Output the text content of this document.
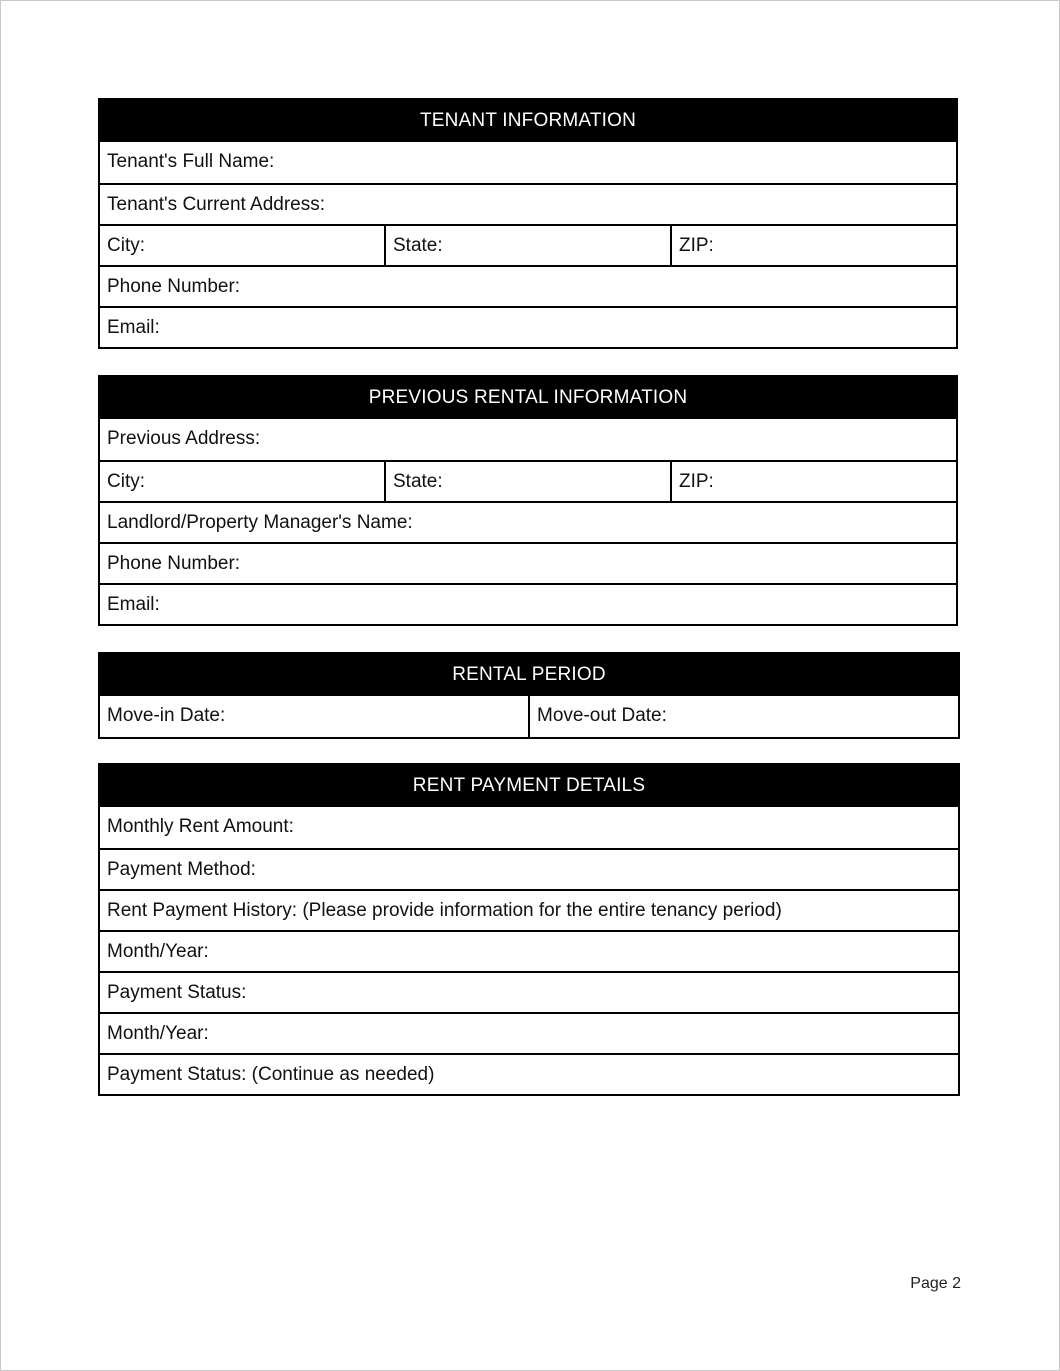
TENANT INFORMATION
Tenant's Full Name:
Tenant's Current Address:
City:	State:	ZIP:
Phone Number:
Email:
PREVIOUS RENTAL INFORMATION
Previous Address:
City:	State:	ZIP:
Landlord/Property Manager's Name:
Phone Number:
Email:
RENTAL PERIOD
Move-in Date:	Move-out Date:
RENT PAYMENT DETAILS
Monthly Rent Amount:
Payment Method:
Rent Payment History: (Please provide information for the entire tenancy period)
Month/Year:
Payment Status:
Month/Year:
Payment Status: (Continue as needed)
Page 2
